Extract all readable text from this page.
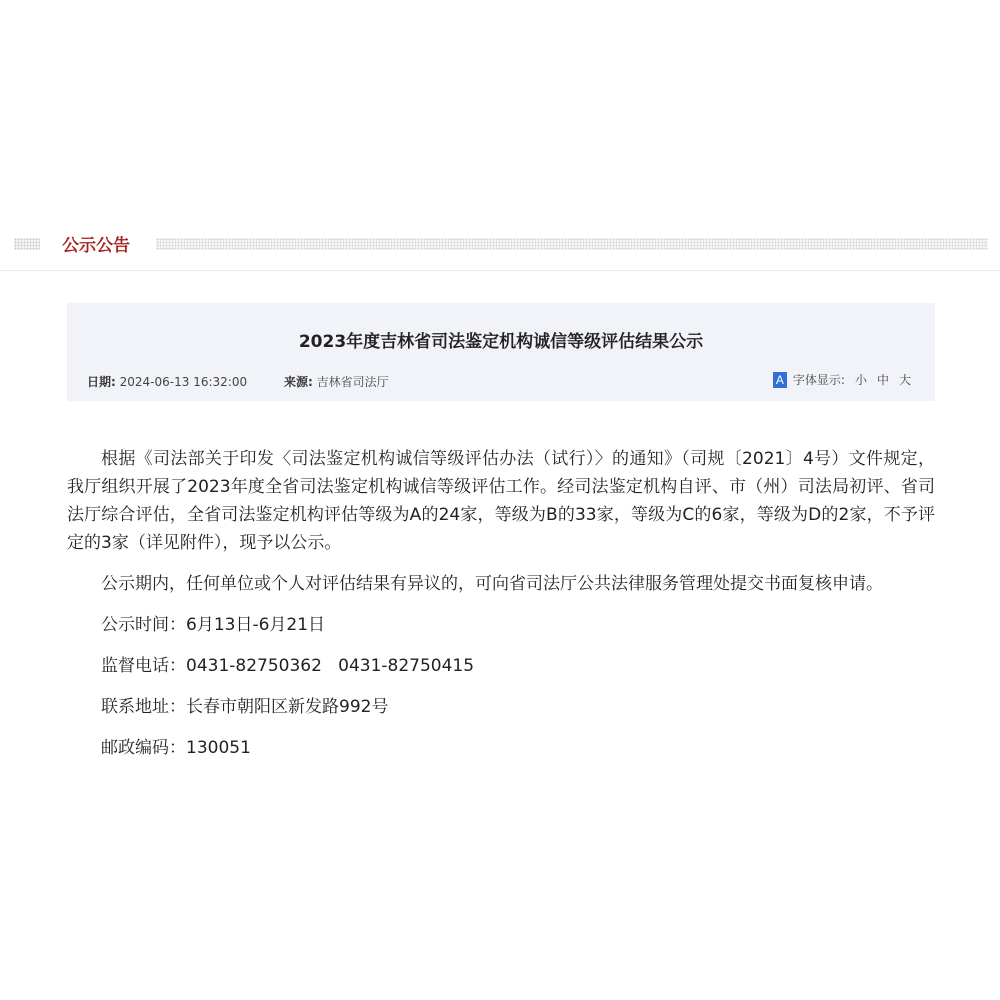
公示公告
2023年度吉林省司法鉴定机构诚信等级评估结果公示
日期: 2024-06-13 16:32:00	来源: 吉林省司法厅	A 字体显示: 小 中 大

根据《司法部关于印发〈司法鉴定机构诚信等级评估办法（试行）〉的通知》（司规〔2021〕4号）文件规定，我厅组织开展了2023年度全省司法鉴定机构诚信等级评估工作。经司法鉴定机构自评、市（州）司法局初评、省司法厅综合评估，全省司法鉴定机构评估等级为A的24家，等级为B的33家，等级为C的6家，等级为D的2家，不予评定的3家（详见附件），现予以公示。

公示期内，任何单位或个人对评估结果有异议的，可向省司法厅公共法律服务管理处提交书面复核申请。

公示时间：6月13日-6月21日

监督电话：0431-82750362   0431-82750415

联系地址：长春市朝阳区新发路992号

邮政编码：130051
